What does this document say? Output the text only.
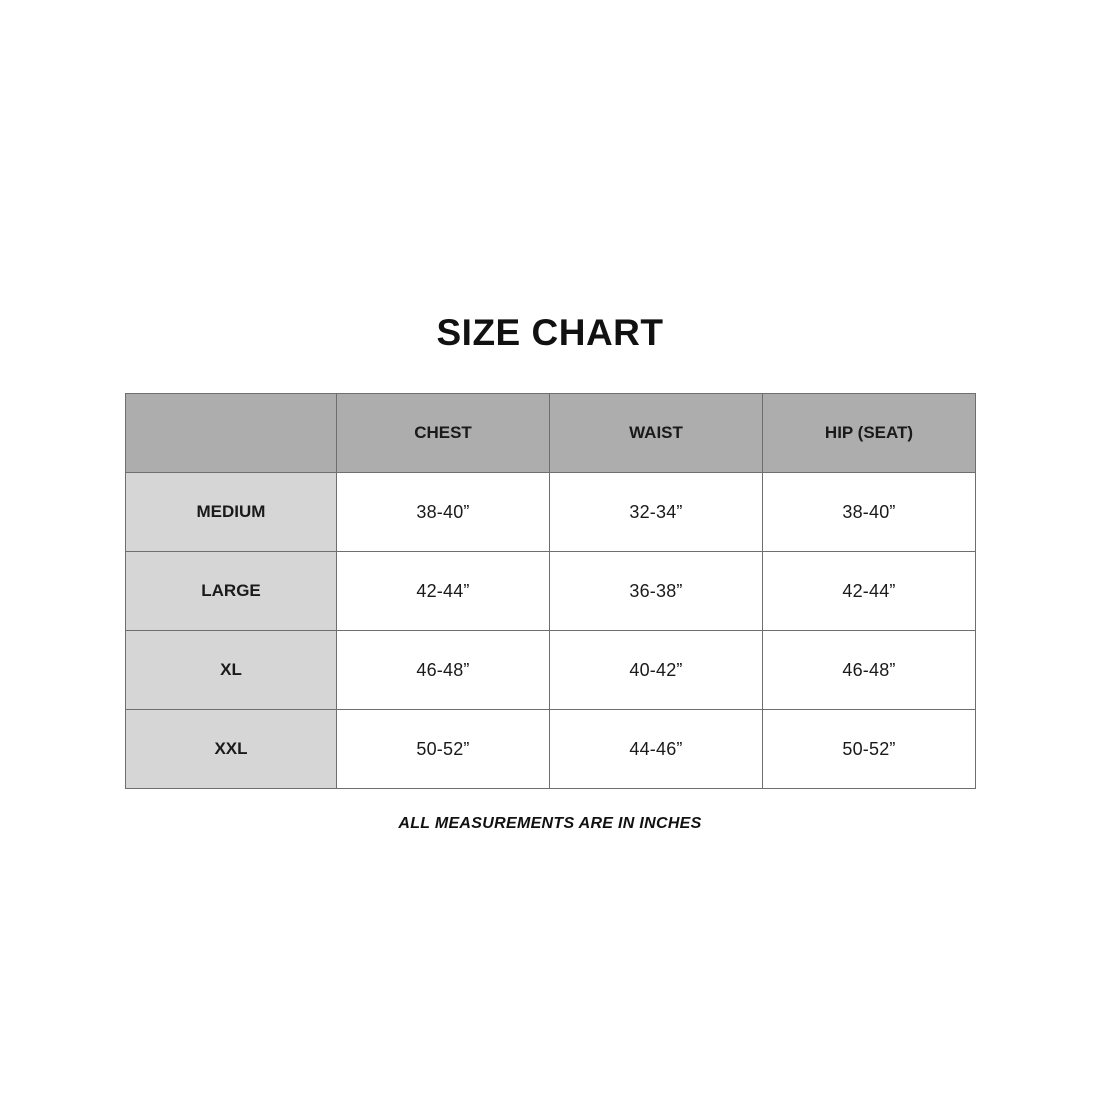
SIZE CHART
	CHEST	WAIST	HIP (SEAT)
MEDIUM	38-40”	32-34”	38-40”
LARGE	42-44”	36-38”	42-44”
XL	46-48”	40-42”	46-48”
XXL	50-52”	44-46”	50-52”
ALL MEASUREMENTS ARE IN INCHES
